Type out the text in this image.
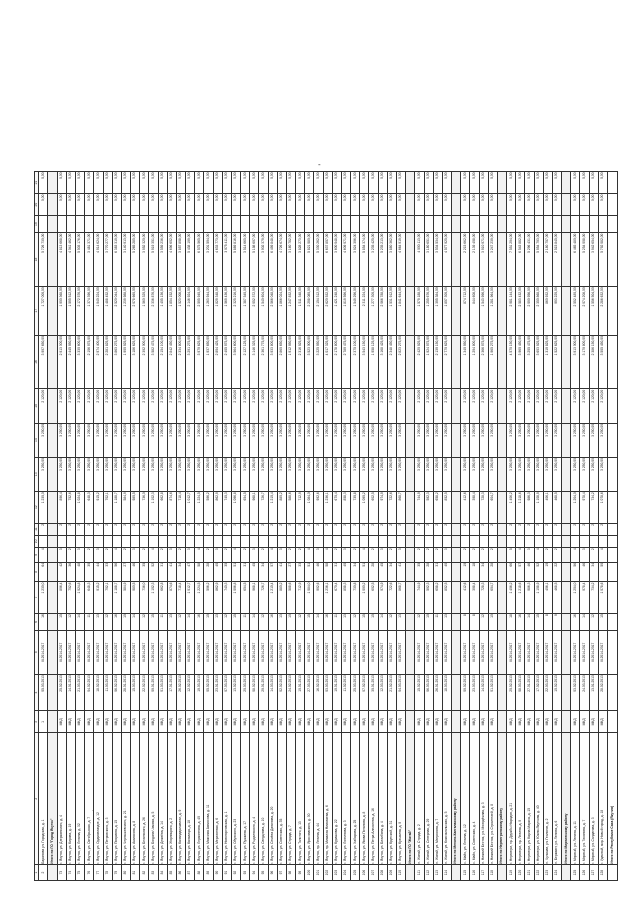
-
.
1	2	3	4	5	6	7	8	9	10	11	12	13	14	15	16	17	18	19	20	21
2	Баранова ул. Городская, д. 1	1	05.03.2013	III.2014-2017	16	1 230,0	64	4		2	1 230,0	3 250,00	3 250,00	2 120,00	3 997 650,00	1 727 000,00	5 726 730,00		0,00	0,00
	Итого по ГО "Город Якутск"																			
73	г. Якутск, ул. Дзержинского, д. 4	МКД	25.02.2013	III.2014-2017	15	896,4	42	3		2	896,4	3 250,00	3 250,00	2 120,00	2 913 300,00	1 900 368,00	4 813 668,00		0,00	0,00
74	г. Якутск, ул. Кирова, д. 19	МКД	14.01.2013	III.2014-2017	12	752,6	36	2		2	752,6	3 250,00	3 250,00	2 120,00	2 445 950,00	1 595 512,00	4 041 462,00		0,00	0,00
75	г. Якутск, ул. Ленина, д. 32	МКД	21.03.2013	III.2014-2017	14	1 024,8	48	3		2	1 024,8	3 250,00	3 250,00	2 120,00	3 330 600,00	2 172 576,00	5 503 176,00		0,00	0,00
76	г. Якутск, ул. Октябрьская, д. 7	МКД	04.02.2013	III.2014-2017	11	648,3	30	2		2	648,3	3 250,00	3 250,00	2 120,00	2 106 975,00	1 374 396,00	3 481 371,00		0,00	0,00
77	г. Якутск, ул. Орджоникидзе, д. 12	МКД	18.02.2013	III.2014-2017	13	915,2	44	3		2	915,2	3 250,00	3 250,00	2 120,00	2 974 400,00	1 940 224,00	4 914 624,00		0,00	0,00
78	г. Якутск, ул. Петровского, д. 3	МКД	11.03.2013	III.2014-2017	12	702,1	33	2		2	702,1	3 250,00	3 250,00	2 120,00	2 281 825,00	1 488 452,00	3 770 277,00		0,00	0,00
79	г. Якутск, ул. Пояркова, д. 15	МКД	06.02.2013	III.2014-2017	16	1 188,7	56	4		2	1 188,7	3 250,00	3 250,00	2 120,00	3 863 275,00	2 520 044,00	6 383 319,00		0,00	0,00
80	г. Якутск, ул. Чернышевского, д. 21	МКД	28.01.2013	III.2014-2017	10	584,9	27	2		2	584,9	3 250,00	3 250,00	2 120,00	1 900 925,00	1 239 988,00	3 140 913,00		0,00	0,00
81	г. Якутск, ул. Аммосова, д. 8	МКД	15.03.2013	III.2014-2017	14	980,5	46	3		2	980,5	3 250,00	3 250,00	2 120,00	3 186 625,00	2 078 660,00	5 265 285,00		0,00	0,00
82	г. Якутск, ул. Белинского, д. 26	МКД	22.02.2013	III.2014-2017	12	736,0	35	2		2	736,0	3 250,00	3 250,00	2 120,00	2 392 000,00	1 560 320,00	3 952 320,00		0,00	0,00
83	г. Якутск, ул. Богдана Чижика, д. 5	МКД	09.01.2013	III.2014-2017	15	1 102,3	52	4		2	1 102,3	3 250,00	3 250,00	2 120,00	3 582 475,00	2 336 876,00	5 919 351,00		0,00	0,00
84	г. Якутск, ул. Дежнёва, д. 14	МКД	01.03.2013	III.2014-2017	11	662,8	31	2		2	662,8	3 250,00	3 250,00	2 120,00	2 154 100,00	1 405 136,00	3 559 236,00		0,00	0,00
85	г. Якутск, ул. Жорницкого, д. 2	МКД	17.01.2013	III.2014-2017	13	874,6	41	3		2	874,6	3 250,00	3 250,00	2 120,00	2 842 450,00	1 854 152,00	4 696 602,00		0,00	0,00
86	г. Якутск, ул. Каландаришвили, д. 9	МКД	26.02.2013	III.2014-2017	12	718,4	34	2		2	718,4	3 250,00	3 250,00	2 120,00	2 334 800,00	1 523 008,00	3 857 808,00		0,00	0,00
87	г. Якутск, ул. Кальвица, д. 18	МКД	12.02.2013	III.2014-2017	14	1 012,7	47	3		2	1 012,7	3 250,00	3 250,00	2 120,00	3 291 275,00	2 146 924,00	5 438 199,00		0,00	0,00
88	г. Якутск, ул. Лермонтова, д. 40	МКД	19.03.2013	III.2014-2017	16	1 224,5	58	4		2	1 224,5	3 250,00	3 250,00	2 120,00	3 979 625,00	2 595 940,00	6 575 565,00		0,00	0,00
89	г. Якутск, ул. Максима Аммосова, д. 11	МКД	05.02.2013	III.2014-2017	10	596,2	28	2		2	596,2	3 250,00	3 250,00	2 120,00	1 937 650,00	1 263 944,00	3 201 594,00		0,00	0,00
90	г. Якутск, ул. Мерзлотная, д. 6	МКД	23.01.2013	III.2014-2017	13	862,9	40	3		2	862,9	3 250,00	3 250,00	2 120,00	2 804 425,00	1 829 348,00	4 633 773,00		0,00	0,00
91	г. Якутск, ул. Новопортовская, д. 1	МКД	07.03.2013	III.2014-2017	12	740,3	35	2		2	740,3	3 250,00	3 250,00	2 120,00	2 405 975,00	1 569 436,00	3 975 411,00		0,00	0,00
92	г. Якутск, ул. Ойунского, д. 23	МКД	13.02.2013	III.2014-2017	15	1 096,8	51	4		2	1 096,8	3 250,00	3 250,00	2 120,00	3 564 600,00	2 325 216,00	5 889 816,00		0,00	0,00
93	г. Якутск, ул. Пушкина, д. 17	МКД	20.03.2013	III.2014-2017	11	654,5	31	2		2	654,5	3 250,00	3 250,00	2 120,00	2 127 125,00	1 387 540,00	3 514 665,00		0,00	0,00
94	г. Якутск, ул. Рыдзинского, д. 4	МКД	08.02.2013	III.2014-2017	14	968,1	45	3		2	968,1	3 250,00	3 250,00	2 120,00	3 146 325,00	2 052 372,00	5 198 697,00		0,00	0,00
95	г. Якутск, ул. Свердлова, д. 10	МКД	29.01.2013	III.2014-2017	12	726,7	34	2		2	726,7	3 250,00	3 250,00	2 120,00	2 361 775,00	1 540 604,00	3 902 379,00		0,00	0,00
96	г. Якутск, ул. Семёна Данилова, д. 20	МКД	14.03.2013	III.2014-2017	16	1 210,4	57	4		2	1 210,4	3 250,00	3 250,00	2 120,00	3 933 800,00	2 566 048,00	6 499 848,00		0,00	0,00
97	г. Якутск, ул. Советская, д. 35	МКД	02.02.2013	III.2014-2017	13	880,2	41	3		2	880,2	3 250,00	3 250,00	2 120,00	2 860 650,00	1 866 024,00	4 726 674,00		0,00	0,00
98	г. Якутск, ул. Строда, д. 7	МКД	24.02.2013	III.2014-2017	10	588,6	27	2		2	588,6	3 250,00	3 250,00	2 120,00	1 912 950,00	1 247 832,00	3 160 782,00		0,00	0,00
99	г. Якутск, ул. Толстого, д. 13	МКД	10.01.2013	III.2014-2017	12	712,9	33	2		2	712,9	3 250,00	3 250,00	2 120,00	2 316 925,00	1 511 348,00	3 828 273,00		0,00	0,00
100	г. Якутск, ул. Ярославского, д. 30	МКД	27.03.2013	III.2014-2017	15	1 084,0	51	4		2	1 084,0	3 250,00	3 250,00	2 120,00	3 523 000,00	2 298 080,00	5 821 080,00		0,00	0,00
101	г. Якутск, пр. Ленина, д. 44	МКД	16.02.2013	III.2014-2017	14	992,6	46	3		2	992,6	3 250,00	3 250,00	2 120,00	3 225 950,00	2 104 312,00	5 330 262,00		0,00	0,00
102	г. Якутск, пр. Михаила Николаева, д. 6	МКД	03.03.2013	III.2014-2017	16	1 236,1	58	4		2	1 236,1	3 250,00	3 250,00	2 120,00	4 017 325,00	2 620 532,00	6 637 857,00		0,00	0,00
103	г. Якутск, ул. Курашова, д. 22	МКД	19.01.2013	III.2014-2017	11	670,4	31	2		2	670,4	3 250,00	3 250,00	2 120,00	2 178 800,00	1 421 248,00	3 600 048,00		0,00	0,00
104	г. Якутск, ул. Лонгинова, д. 3	МКД	11.02.2013	III.2014-2017	13	858,3	40	3		2	858,3	3 250,00	3 250,00	2 120,00	2 789 475,00	1 819 596,00	4 609 071,00		0,00	0,00
105	г. Якутск, ул. Хабарова, д. 25	МКД	25.03.2013	III.2014-2017	12	730,8	34	2		2	730,8	3 250,00	3 250,00	2 120,00	2 375 100,00	1 549 296,00	3 924 396,00		0,00	0,00
106	г. Якутск, ул. Якова Потапова, д. 8	МКД	07.02.2013	III.2014-2017	15	1 090,2	51	4		2	1 090,2	3 250,00	3 250,00	2 120,00	3 543 150,00	2 311 224,00	5 854 374,00		0,00	0,00
107	г. Якутск, ул. Петра Алексеева, д. 16	МКД	30.01.2013	III.2014-2017	10	602,5	28	2		2	602,5	3 250,00	3 250,00	2 120,00	1 958 125,00	1 277 300,00	3 235 425,00		0,00	0,00
108	г. Якутск, ул. Билибина, д. 4	МКД	12.03.2013	III.2014-2017	14	974,9	45	3		2	974,9	3 250,00	3 250,00	2 120,00	3 168 425,00	2 066 788,00	5 235 213,00		0,00	0,00
109	г. Якутск, ул. Крупской, д. 31	МКД	21.02.2013	III.2014-2017	12	722,6	34	2		2	722,6	3 250,00	3 250,00	2 120,00	2 348 450,00	1 531 912,00	3 880 362,00		0,00	0,00
110	г. Якутск, ул. Кузьмина, д. 9	МКД	04.03.2013	III.2014-2017	13	868,7	41	3		2	868,7	3 250,00	3 250,00	2 120,00	2 823 275,00	1 841 644,00	4 664 919,00		0,00	0,00
	Итого по ГО "Жатай"																			
111	п. Жатай, ул. Строда, д. 2	МКД	15.02.2013	III.2014-2017	12	744,9	35	2		2	744,9	3 250,00	3 250,00	2 120,00	2 420 925,00	1 579 188,00	4 000 113,00		0,00	0,00
112	п. Жатай, ул. Северная, д. 29	МКД	06.03.2013	III.2014-2017	10	592,3	28	2		2	592,3	3 250,00	3 250,00	2 120,00	1 924 975,00	1 255 676,00	3 180 651,00		0,00	0,00
113	п. Жатай, ул. Матросова, д. 7	МКД	26.01.2013	III.2014-2017	11	658,2	31	2		2	658,2	3 250,00	3 250,00	2 120,00	2 139 150,00	1 395 384,00	3 534 534,00		0,00	0,00
114	п. Жатай, ул. Комсомольская, д. 5	МКД	18.03.2013	III.2014-2017	13	852,5	40	3		2	852,5	3 250,00	3 250,00	2 120,00	2 770 625,00	1 807 300,00	4 577 925,00		0,00	0,00
	Итого по Мегино-Кангаласскому району																			
115	с. Майя, ул. Ленина, д. 12	МКД	09.02.2013	III.2014-2017	8	412,6	19	2		2	412,6	3 250,00	3 250,00	2 120,00	1 340 950,00	874 712,00	2 215 662,00		0,00	0,00
116	с. Майя, ул. Советская, д. 4	МКД	23.03.2013	III.2014-2017	8	398,4	18	2		2	398,4	3 250,00	3 250,00	2 120,00	1 294 800,00	844 608,00	2 139 408,00		0,00	0,00
117	п. Нижний Бестях, ул. Молодёжная, д. 3	МКД	14.02.2013	III.2014-2017	12	728,3	34	2		2	728,3	3 250,00	3 250,00	2 120,00	2 366 975,00	1 543 996,00	3 910 971,00		0,00	0,00
118	п. Нижний Бестях, ул. Строителей, д. 8	МКД	01.02.2013	III.2014-2017	10	604,7	28	2		2	604,7	3 250,00	3 250,00	2 120,00	1 965 275,00	1 281 964,00	3 247 239,00		0,00	0,00
	Итого по Нерюнгринскому району																			
119	г. Нерюнгри, пр. Дружбы Народов, д. 21	МКД	20.02.2013	III.2014-2017	18	1 406,2	66	5		2	1 406,2	3 250,00	3 250,00	2 120,00	4 570 150,00	2 981 144,00	7 551 294,00		0,00	0,00
120	г. Нерюнгри, пр. Ленина, д. 9	МКД	08.03.2013	III.2014-2017	16	1 218,6	57	4		2	1 218,6	3 250,00	3 250,00	2 120,00	3 960 450,00	2 583 432,00	6 543 882,00		0,00	0,00
121	г. Нерюнгри, ул. Карла Маркса, д. 15	МКД	27.01.2013	III.2014-2017	14	986,3	46	3		2	986,3	3 250,00	3 250,00	2 120,00	3 205 475,00	2 090 956,00	5 296 431,00		0,00	0,00
122	г. Нерюнгри, ул. Южно-Якутская, д. 40	МКД	17.02.2013	III.2014-2017	15	1 108,9	52	4		2	1 108,9	3 250,00	3 250,00	2 120,00	3 603 925,00	2 350 868,00	5 954 793,00		0,00	0,00
123	п. Чульман, ул. Геологов, д. 2	МКД	22.03.2013	III.2014-2017	8	406,1	19	2		2	406,1	3 250,00	3 250,00	2 120,00	1 319 825,00	860 932,00	2 180 757,00		0,00	0,00
124	п. Беркакит, ул. Ленина, д. 6	МКД	10.02.2013	III.2014-2017	9	468,5	22	2		2	468,5	3 250,00	3 250,00	2 120,00	1 522 625,00	993 220,00	2 515 845,00		0,00	0,00
	Итого по Мирнинскому району																			
125	г. Мирный, ул. Ленина, д. 11	МКД	03.02.2013	III.2014-2017	16	1 204,0	56	4		2	1 204,0	3 250,00	3 250,00	2 120,00	3 913 000,00	2 552 480,00	6 465 480,00		0,00	0,00
126	г. Мирный, ул. Тихонова, д. 7	МКД	24.03.2013	III.2014-2017	14	978,4	46	3		2	978,4	3 250,00	3 250,00	2 120,00	3 179 800,00	2 074 208,00	5 254 008,00		0,00	0,00
127	г. Мирный, ул. Солдатова, д. 3	МКД	13.01.2013	III.2014-2017	12	734,2	34	2		2	734,2	3 250,00	3 250,00	2 120,00	2 386 150,00	1 556 504,00	3 942 654,00		0,00	0,00
128	г. Удачный, мкр. Новый город, д. 18	МКД	28.02.2013	III.2014-2017	15	1 078,6	50	4		2	1 078,6	3 250,00	3 250,00	2 120,00	3 505 450,00	2 286 632,00	5 792 082,00		0,00	0,00
	Итого по Республике Саха (Якутия)																			
